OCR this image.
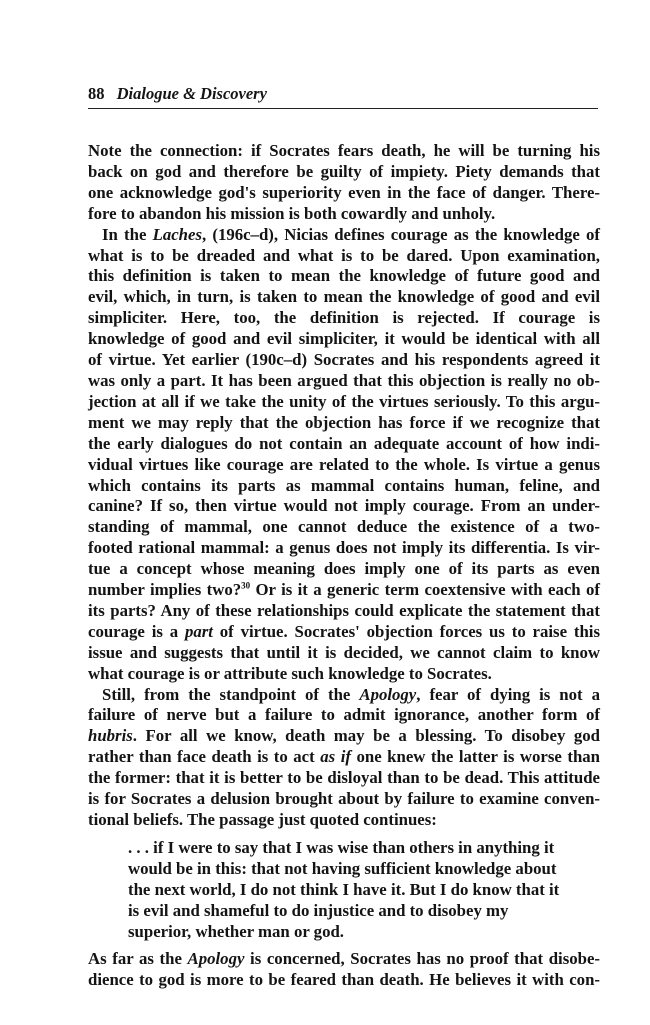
88 Dialogue & Discovery
Note the connection: if Socrates fears death, he will be turning his
back on god and therefore be guilty of impiety. Piety demands that
one acknowledge god's superiority even in the face of danger. There-
fore to abandon his mission is both cowardly and unholy.
In the Laches, (196c–d), Nicias defines courage as the knowledge of
what is to be dreaded and what is to be dared. Upon examination,
this definition is taken to mean the knowledge of future good and
evil, which, in turn, is taken to mean the knowledge of good and evil
simpliciter. Here, too, the definition is rejected. If courage is
knowledge of good and evil simpliciter, it would be identical with all
of virtue. Yet earlier (190c–d) Socrates and his respondents agreed it
was only a part. It has been argued that this objection is really no ob-
jection at all if we take the unity of the virtues seriously. To this argu-
ment we may reply that the objection has force if we recognize that
the early dialogues do not contain an adequate account of how indi-
vidual virtues like courage are related to the whole. Is virtue a genus
which contains its parts as mammal contains human, feline, and
canine? If so, then virtue would not imply courage. From an under-
standing of mammal, one cannot deduce the existence of a two-
footed rational mammal: a genus does not imply its differentia. Is vir-
tue a concept whose meaning does imply one of its parts as even
number implies two?$^{30}$ Or is it a generic term coextensive with each of
its parts? Any of these relationships could explicate the statement that
courage is a part of virtue. Socrates' objection forces us to raise this
issue and suggests that until it is decided, we cannot claim to know
what courage is or attribute such knowledge to Socrates.
Still, from the standpoint of the Apology, fear of dying is not a
failure of nerve but a failure to admit ignorance, another form of
hubris. For all we know, death may be a blessing. To disobey god
rather than face death is to act as if one knew the latter is worse than
the former: that it is better to be disloyal than to be dead. This attitude
is for Socrates a delusion brought about by failure to examine conven-
tional beliefs. The passage just quoted continues:
. . . if I were to say that I was wise than others in anything it
would be in this: that not having sufficient knowledge about
the next world, I do not think I have it. But I do know that it
is evil and shameful to do injustice and to disobey my
superior, whether man or god.
As far as the Apology is concerned, Socrates has no proof that disobe-
dience to god is more to be feared than death. He believes it with con-
